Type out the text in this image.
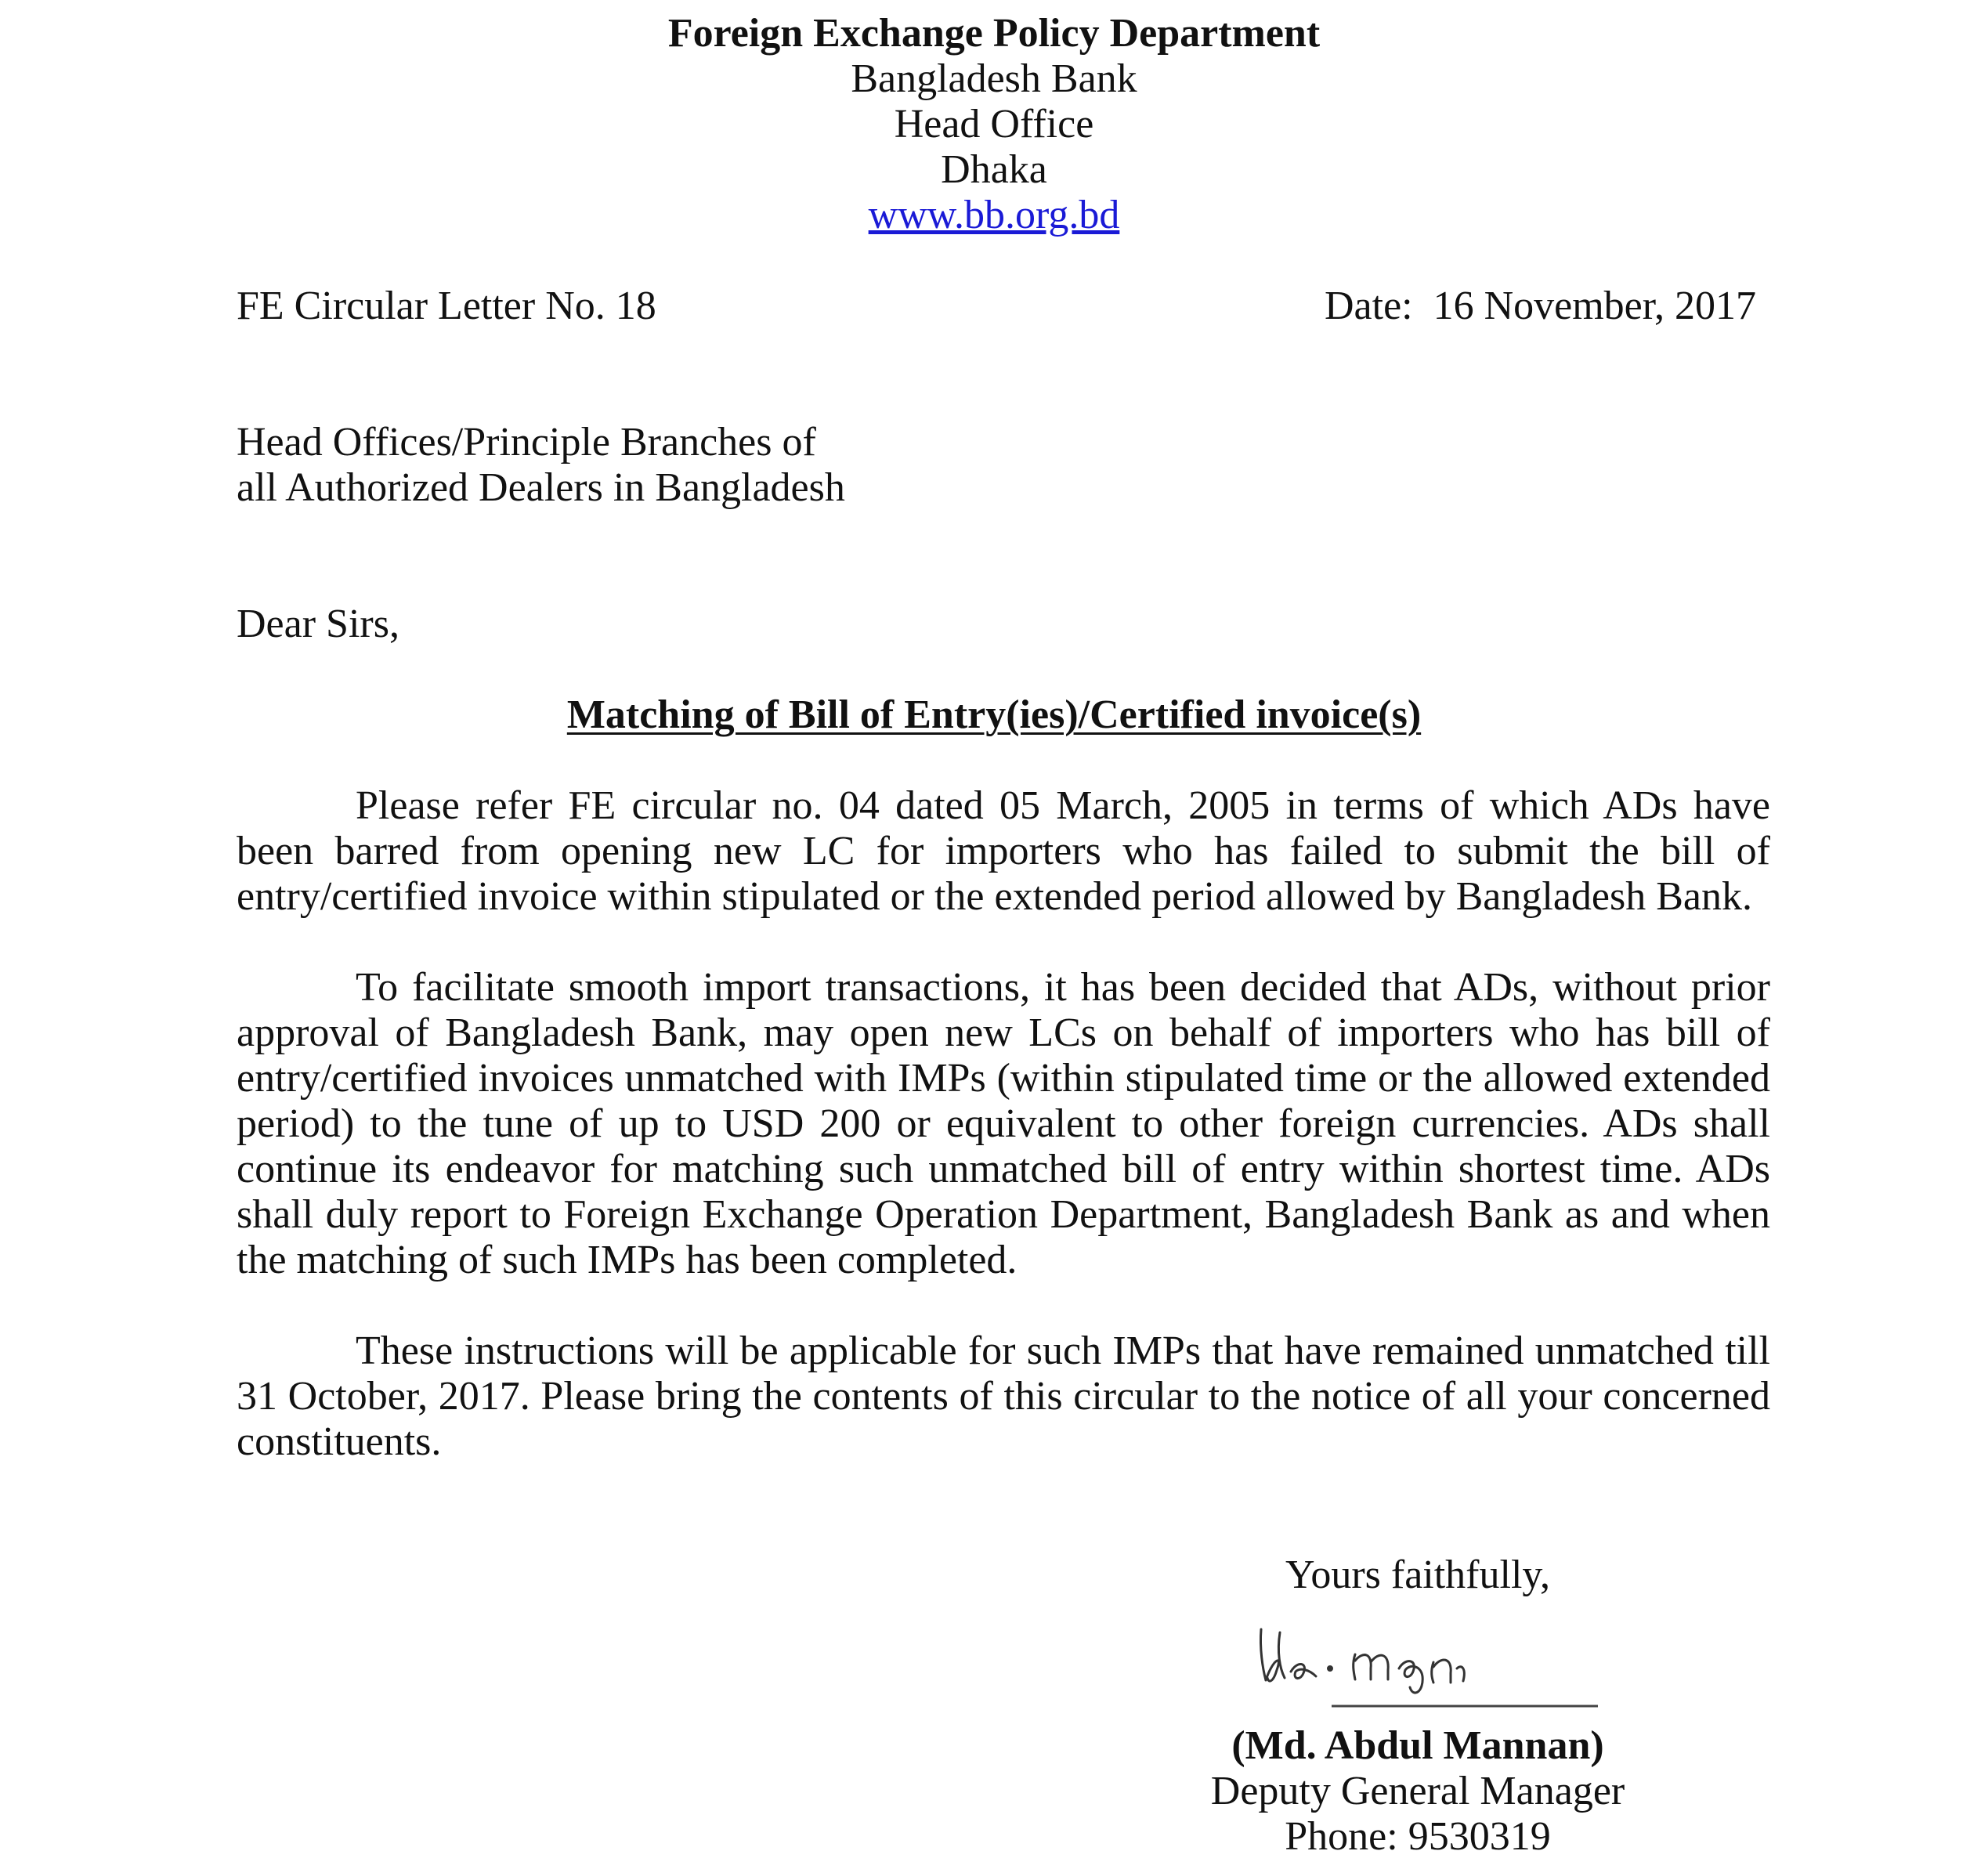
Foreign Exchange Policy Department
Bangladesh Bank
Head Office
Dhaka
www.bb.org.bd
FE Circular Letter No. 18	Date:  16 November, 2017
Head Offices/Principle Branches of
all Authorized Dealers in Bangladesh
Dear Sirs,
Matching of Bill of Entry(ies)/Certified invoice(s)

Please refer FE circular no. 04 dated 05 March, 2005 in terms of which ADs have been barred from opening new LC for importers who has failed to submit the bill of entry/certified invoice within stipulated or the extended period allowed by Bangladesh Bank.

To facilitate smooth import transactions, it has been decided that ADs, without prior approval of Bangladesh Bank, may open new LCs on behalf of importers who has bill of entry/certified invoices unmatched with IMPs (within stipulated time or the allowed extended period) to the tune of up to USD 200 or equivalent to other foreign currencies. ADs shall continue its endeavor for matching such unmatched bill of entry within shortest time. ADs shall duly report to Foreign Exchange Operation Department, Bangladesh Bank as and when the matching of such IMPs has been completed.

These instructions will be applicable for such IMPs that have remained unmatched till 31 October, 2017. Please bring the contents of this circular to the notice of all your concerned constituents.

Yours faithfully,
(Md. Abdul Mannan)
Deputy General Manager
Phone: 9530319
